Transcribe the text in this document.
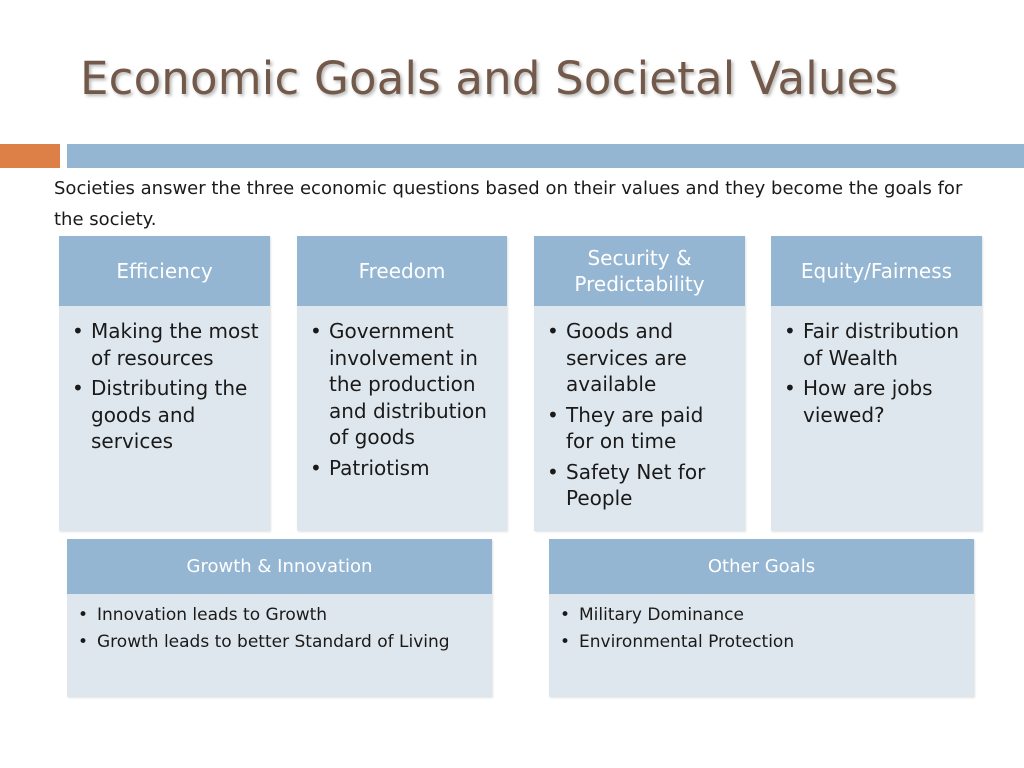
Economic Goals and Societal Values
Societies answer the three economic questions based on their values and they become the goals for the society.
Efficiency
• Making the most of resources
• Distributing the goods and services
Freedom
• Government involvement in the production and distribution of goods
• Patriotism
Security & Predictability
• Goods and services are available
• They are paid for on time
• Safety Net for People
Equity/Fairness
• Fair distribution of Wealth
• How are jobs viewed?
Growth & Innovation
• Innovation leads to Growth
• Growth leads to better Standard of Living
Other Goals
• Military Dominance
• Environmental Protection
